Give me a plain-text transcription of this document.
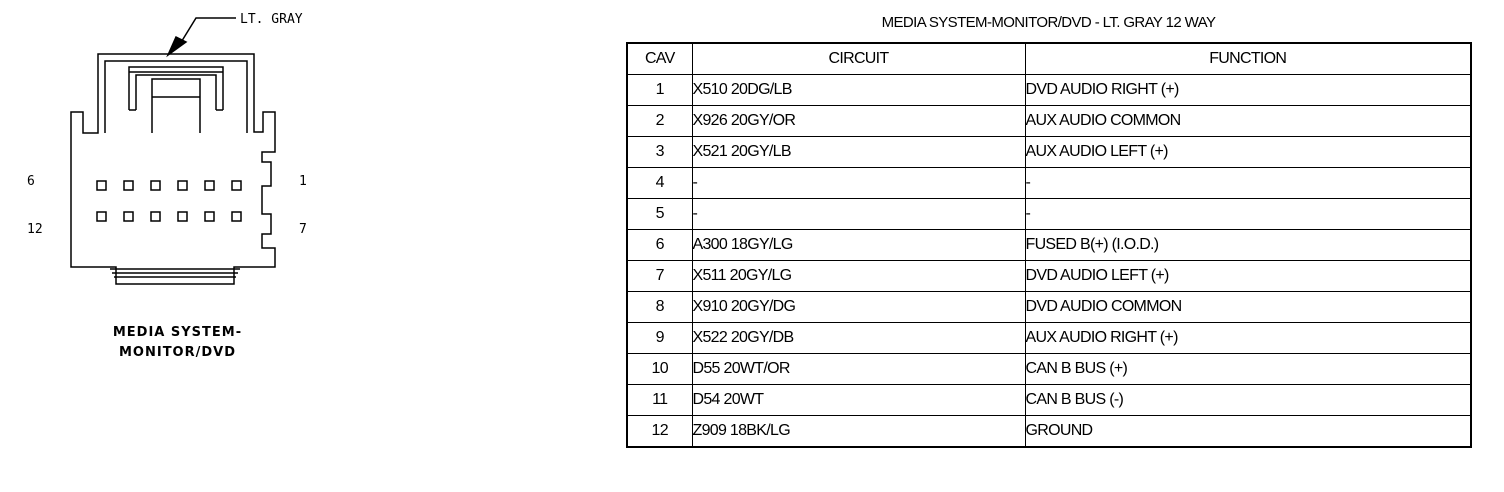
LT. GRAY
6
12
1
7
MEDIA SYSTEM-
MONITOR/DVD
MEDIA SYSTEM-MONITOR/DVD - LT. GRAY 12 WAY
CAV	CIRCUIT	FUNCTION
1	X510 20DG/LB	DVD AUDIO RIGHT (+)
2	X926 20GY/OR	AUX AUDIO COMMON
3	X521 20GY/LB	AUX AUDIO LEFT (+)
4	-	-
5	-	-
6	A300 18GY/LG	FUSED B(+) (I.O.D.)
7	X511 20GY/LG	DVD AUDIO LEFT (+)
8	X910 20GY/DG	DVD AUDIO COMMON
9	X522 20GY/DB	AUX AUDIO RIGHT (+)
10	D55 20WT/OR	CAN B BUS (+)
11	D54 20WT	CAN B BUS (-)
12	Z909 18BK/LG	GROUND
